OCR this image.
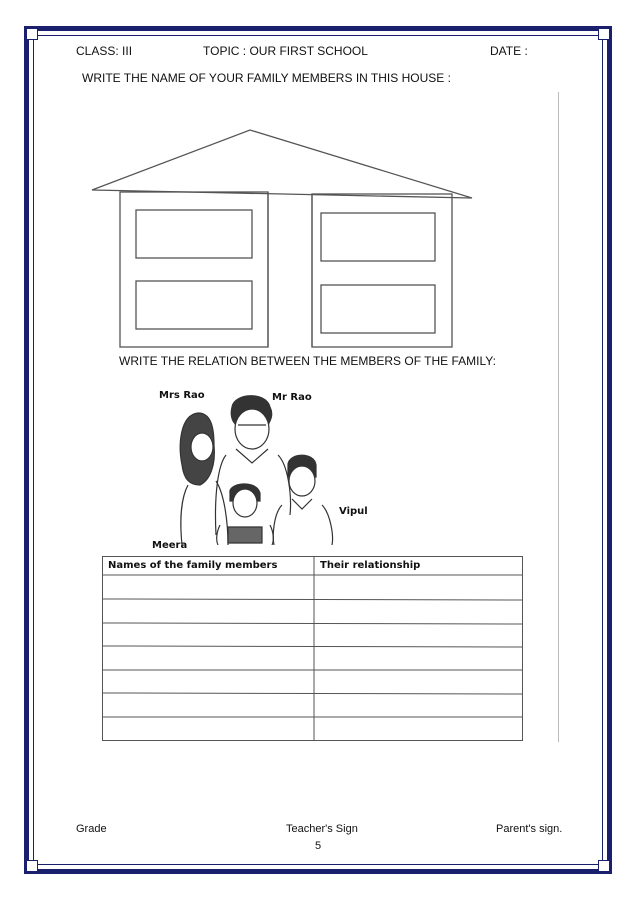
CLASS: III	TOPIC : OUR FIRST SCHOOL	DATE :
WRITE THE NAME OF YOUR FAMILY MEMBERS IN THIS HOUSE :
WRITE THE RELATION BETWEEN THE MEMBERS OF THE FAMILY:
Mrs Rao	Mr Rao
Vipul
Meera
Names of the family members	Their relationship
Grade	Teacher's Sign	Parent's sign.
5
